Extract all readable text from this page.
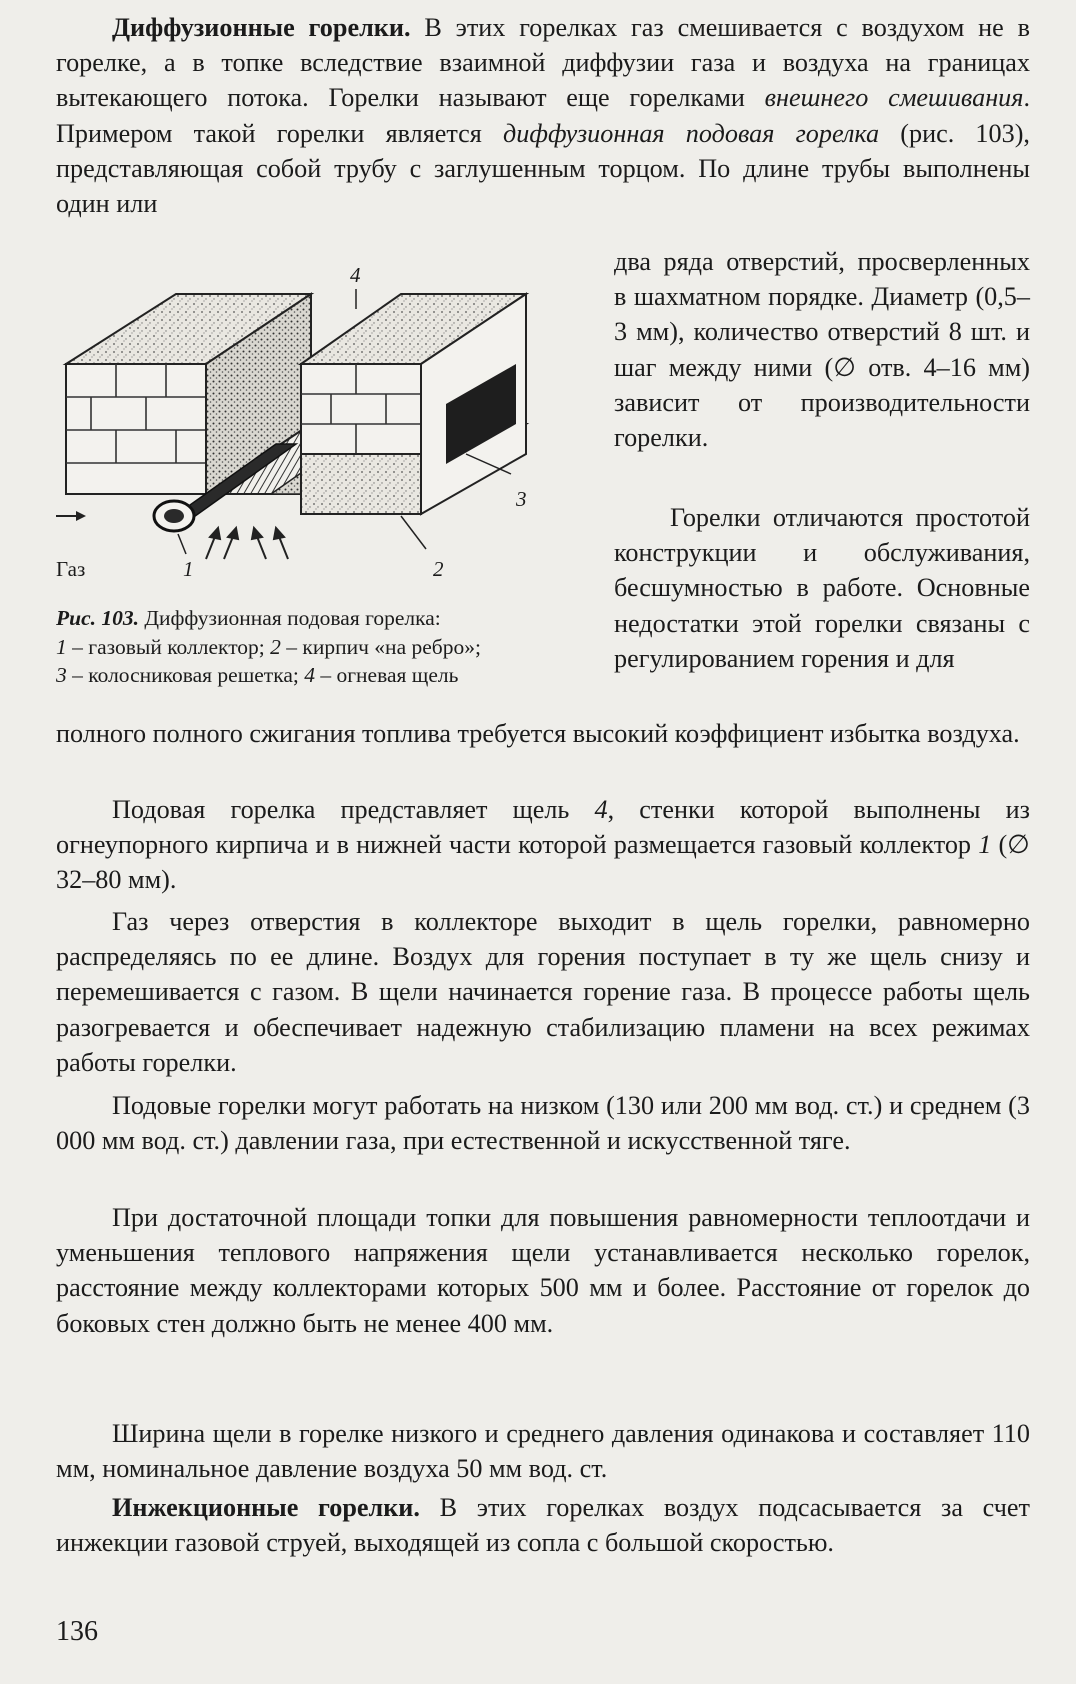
Диффузионные горелки. В этих горелках газ смешивается с воздухом не в горелке, а в топке вследствие взаимной диффузии газа и воздуха на границах вытекающего потока. Горелки называют еще горелками внешнего смешивания. Примером такой горелки является диффузионная подовая горелка (рис. 103), представляющая собой трубу с заглушенным торцом. По длине трубы выполнены один или

два ряда отверстий, просверленных в шахматном порядке. Диаметр (0,5–3 мм), количество отверстий 8 шт. и шаг между ними (∅ отв. 4–16 мм) зависит от производительности горелки.

Горелки отличаются простотой конструкции и обслуживания, бесшумностью в работе. Основные недостатки этой горелки связаны с регулированием горения и для

Газ	1	2
3
4

Рис. 103. Диффузионная подовая горелка:
1 – газовый коллектор; 2 – кирпич «на ребро»;
3 – колосниковая решетка; 4 – огневая щель

полного полного сжигания топлива требуется высокий коэффициент избытка воздуха.

Подовая горелка представляет щель 4, стенки которой выполнены из огнеупорного кирпича и в нижней части которой размещается газовый коллектор 1 (∅ 32–80 мм).

Газ через отверстия в коллекторе выходит в щель горелки, равномерно распределяясь по ее длине. Воздух для горения поступает в ту же щель снизу и перемешивается с газом. В щели начинается горение газа. В процессе работы щель разогревается и обеспечивает надежную стабилизацию пламени на всех режимах работы горелки.

Подовые горелки могут работать на низком (130 или 200 мм вод. ст.) и среднем (3 000 мм вод. ст.) давлении газа, при естественной и искусственной тяге.

При достаточной площади топки для повышения равномерности теплоотдачи и уменьшения теплового напряжения щели устанавливается несколько горелок, расстояние между коллекторами которых 500 мм и более. Расстояние от горелок до боковых стен должно быть не менее 400 мм.

Ширина щели в горелке низкого и среднего давления одинакова и составляет 110 мм, номинальное давление воздуха 50 мм вод. ст.

Инжекционные горелки. В этих горелках воздух подсасывается за счет инжекции газовой струей, выходящей из сопла с большой скоростью.

136
